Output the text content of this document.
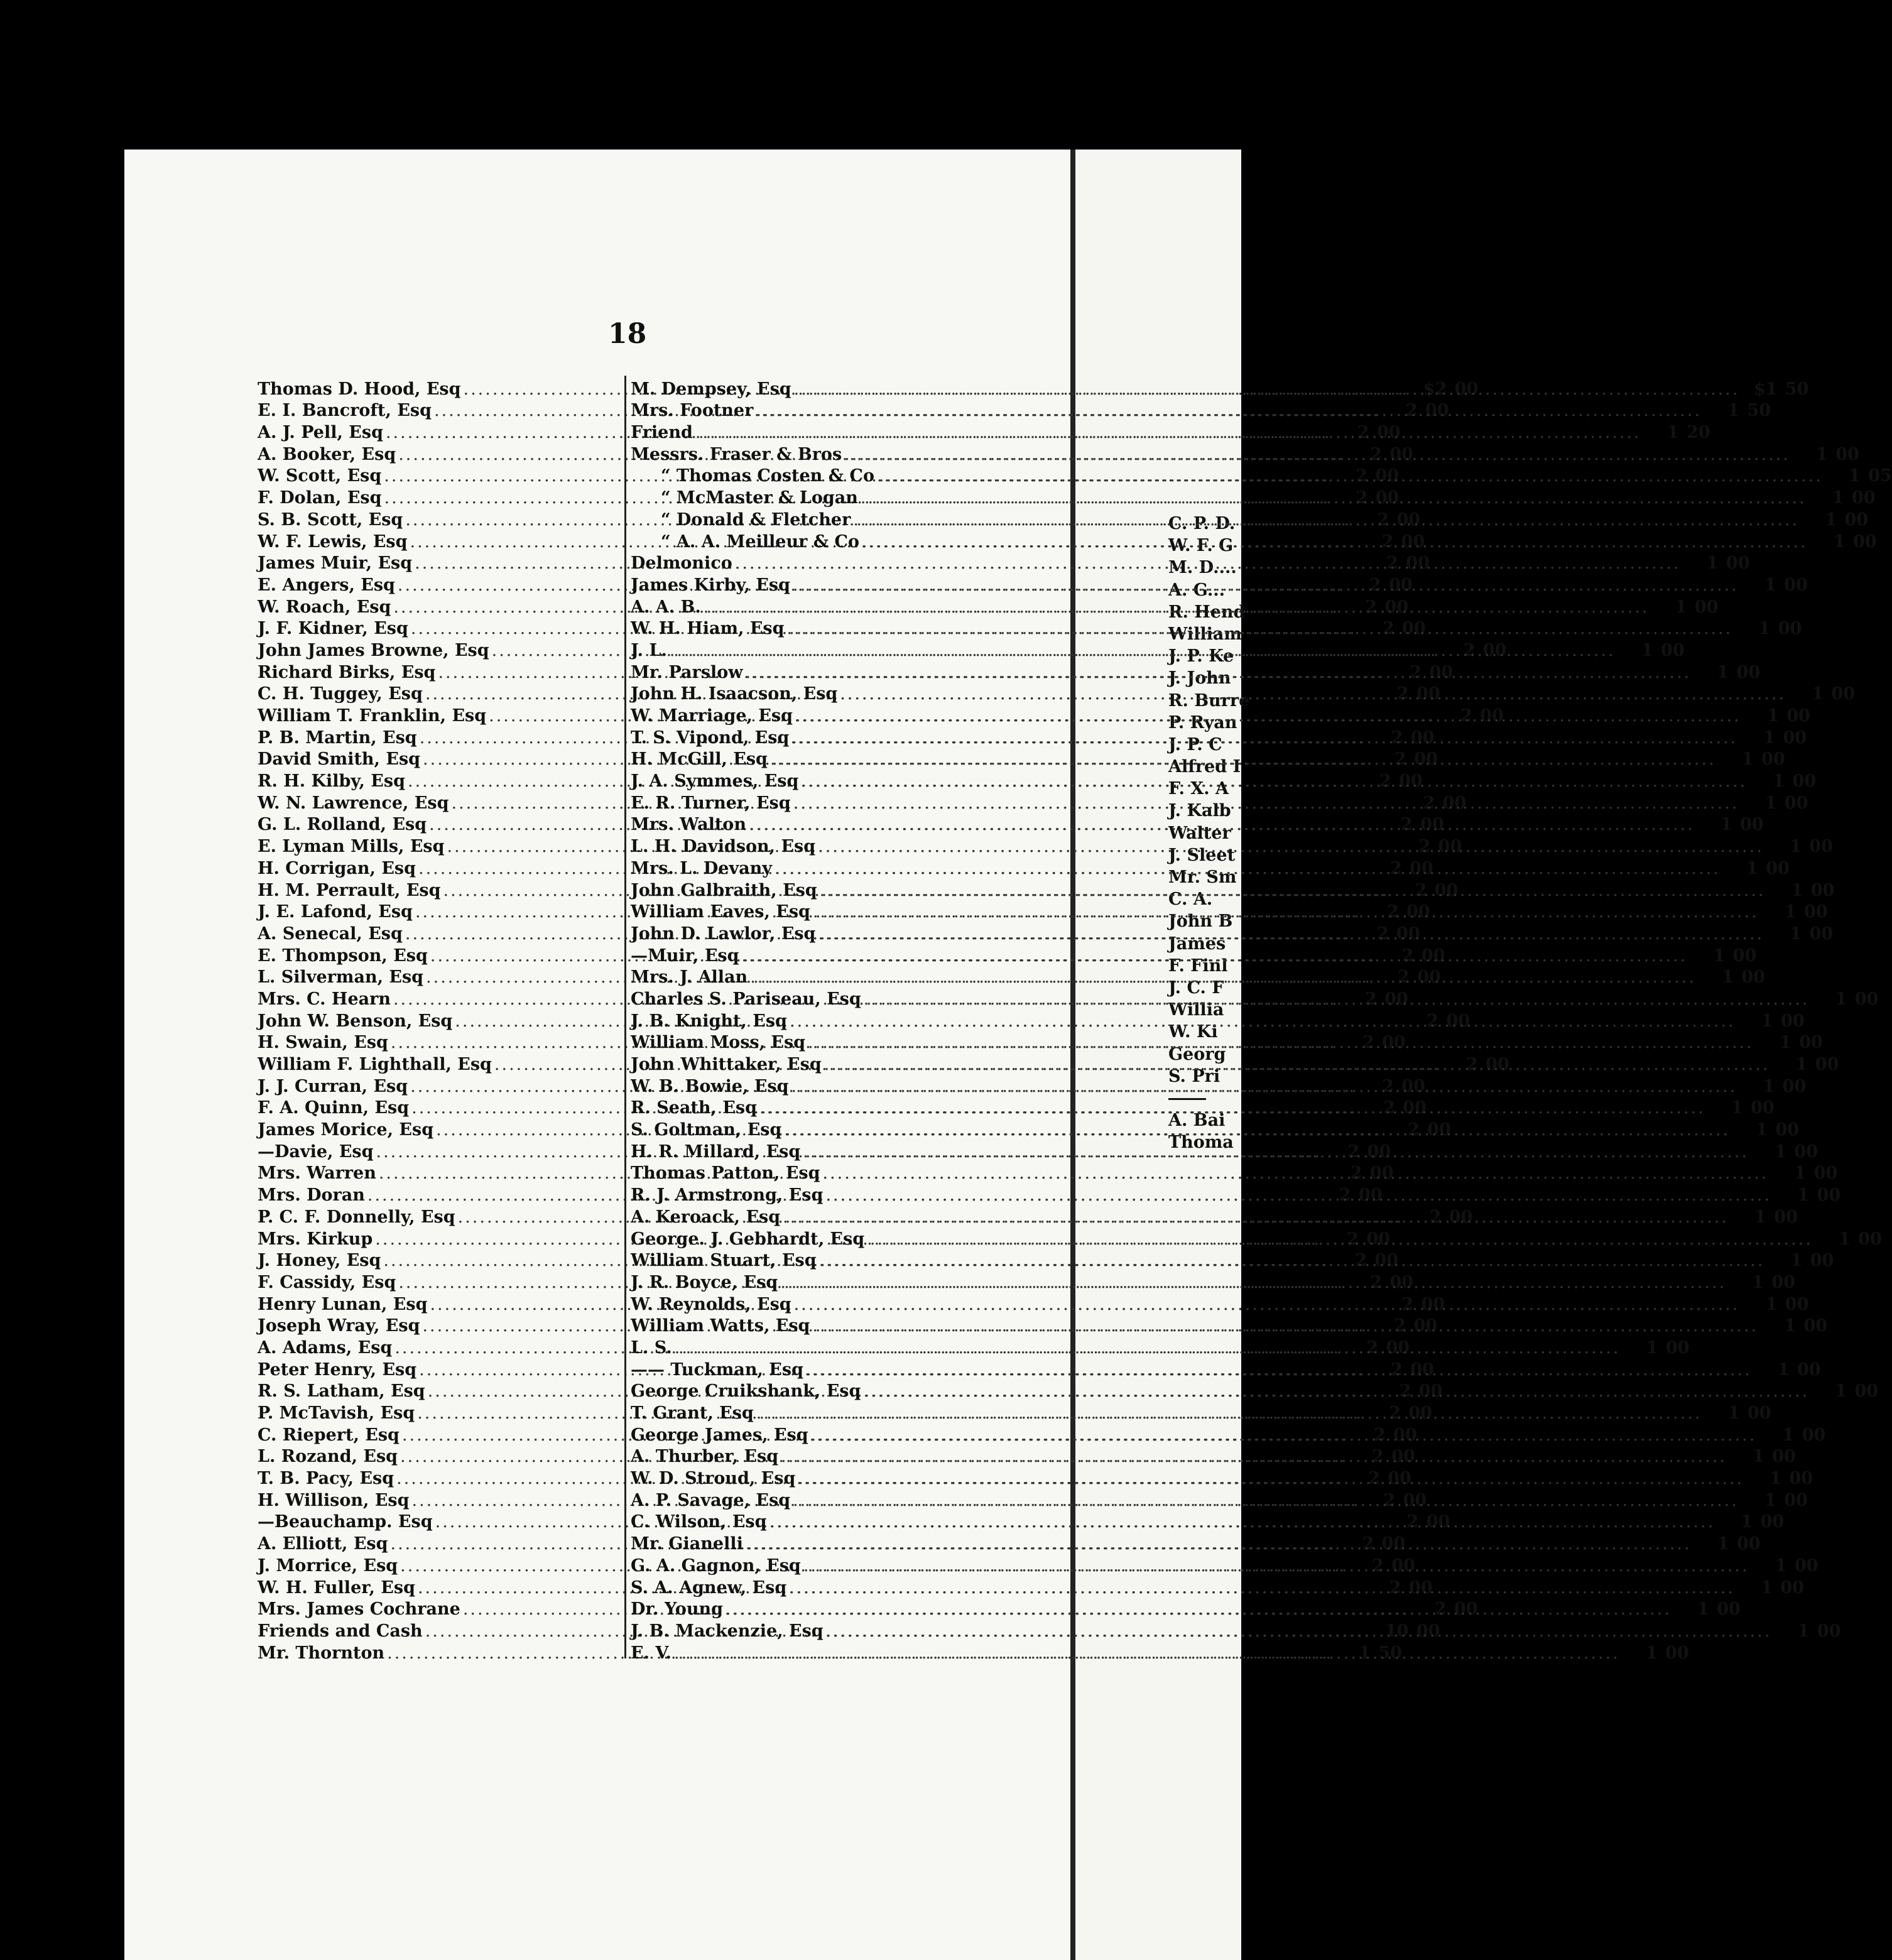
C. P. D.
W. F. G
M. D....
A. G...
R. Hend
William
J. P. Ke
J. John
R. Burre
P. Ryan
J. P. C
Alfred I
F. X. A
J. Kalb
Walter
J. Sleet
Mr. Sm
C. A.
John B
James
F. Finl
J. C. F
Willia
W. Ki
Georg
S. Pri
A. Bai
Thoma
18
Thomas D. Hood, Esq .....	$2 00
E. I. Bancroft, Esq .....	2 00
A. J. Pell, Esq .....	2 00
A. Booker, Esq .....	2 00
W. Scott, Esq .....	2 00
F. Dolan, Esq .....	2 00
S. B. Scott, Esq .....	2 00
W. F. Lewis, Esq .....	2 00
James Muir, Esq .....	2 00
E. Angers, Esq .....	2 00
W. Roach, Esq .....	2 00
J. F. Kidner, Esq .....	2 00
John James Browne, Esq .....	2 00
Richard Birks, Esq .....	2 00
C. H. Tuggey, Esq .....	2 00
William T. Franklin, Esq .....	2 00
P. B. Martin, Esq .....	2 00
David Smith, Esq .....	2 00
R. H. Kilby, Esq .....	2 00
W. N. Lawrence, Esq .....	2 00
G. L. Rolland, Esq .....	2 00
E. Lyman Mills, Esq .....	2 00
H. Corrigan, Esq .....	2 00
H. M. Perrault, Esq .....	2 00
J. E. Lafond, Esq .....	2 00
A. Senecal, Esq .....	2 00
E. Thompson, Esq .....	2 00
L. Silverman, Esq .....	2 00
Mrs. C. Hearn .....	2 00
John W. Benson, Esq .....	2 00
H. Swain, Esq .....	2 00
William F. Lighthall, Esq .....	2 00
J. J. Curran, Esq .....	2 00
F. A. Quinn, Esq .....	2 00
James Morice, Esq .....	2 00
—Davie, Esq .....	2 00
Mrs. Warren .....	2 00
Mrs. Doran .....	2 00
P. C. F. Donnelly, Esq .....	2 00
Mrs. Kirkup .....	2 00
J. Honey, Esq .....	2 00
F. Cassidy, Esq .....	2 00
Henry Lunan, Esq .....	2 00
Joseph Wray, Esq .....	2 00
A. Adams, Esq .....	2 00
Peter Henry, Esq .....	2 00
R. S. Latham, Esq .....	2 00
P. McTavish, Esq .....	2 00
C. Riepert, Esq .....	2 00
L. Rozand, Esq .....	2 00
T. B. Pacy, Esq .....	2 00
H. Willison, Esq .....	2 00
—Beauchamp. Esq .....	2 00
A. Elliott, Esq .....	2 00
J. Morrice, Esq .....	2 00
W. H. Fuller, Esq .....	2 00
Mrs. James Cochrane .....	2 00
Friends and Cash .....	10 00
Mr. Thornton .....	1 50
M. Dempsey, Esq .....	$1 50
Mrs. Footner .....	1 50
Friend .....	1 20
Messrs. Fraser & Bros .....	1 00
“ Thomas Costen & Co .....	1 05
“ McMaster & Logan .....	1 00
“ Donald & Fletcher .....	1 00
“ A. A. Meilleur & Co .....	1 00
Delmonico .....	1 00
James Kirby, Esq .....	1 00
A. A. B. .....	1 00
W. H. Hiam, Esq .....	1 00
J. L. .....	1 00
Mr. Parslow .....	1 00
John H. Isaacson, Esq .....	1 00
W. Marriage, Esq .....	1 00
T. S. Vipond, Esq .....	1 00
H. McGill, Esq .....	1 00
J. A. Symmes, Esq .....	1 00
E. R. Turner, Esq .....	1 00
Mrs. Walton .....	1 00
L. H. Davidson, Esq .....	1 00
Mrs. L. Devany .....	1 00
John Galbraith, Esq .....	1 00
William Eaves, Esq .....	1 00
John D. Lawlor, Esq .....	1 00
—Muir, Esq .....	1 00
Mrs. J. Allan .....	1 00
Charles S. Pariseau, Esq .....	1 00
J. B. Knight, Esq .....	1 00
William Moss, Esq .....	1 00
John Whittaker, Esq .....	1 00
W. B. Bowie, Esq .....	1 00
R. Seath, Esq .....	1 00
S. Goltman, Esq .....	1 00
H. R. Millard, Esq .....	1 00
Thomas Patton, Esq .....	1 00
R. J. Armstrong, Esq .....	1 00
A. Keroack, Esq .....	1 00
George. J. Gebhardt, Esq .....	1 00
William Stuart, Esq .....	1 00
J. R. Boyce, Esq .....	1 00
W. Reynolds, Esq .....	1 00
William Watts, Esq .....	1 00
L. S. .....	1 00
—— Tuckman, Esq .....	1 00
George Cruikshank, Esq .....	1 00
T. Grant, Esq .....	1 00
George James, Esq .....	1 00
A. Thurber, Esq .....	1 00
W. D. Stroud, Esq .....	1 00
A. P. Savage, Esq .....	1 00
C. Wilson, Esq .....	1 00
Mr. Gianelli .....	1 00
G. A. Gagnon, Esq .....	1 00
S. A. Agnew, Esq .....	1 00
Dr. Young .....	1 00
J. B. Mackenzie, Esq .....	1 00
E. V. .....	1 00
